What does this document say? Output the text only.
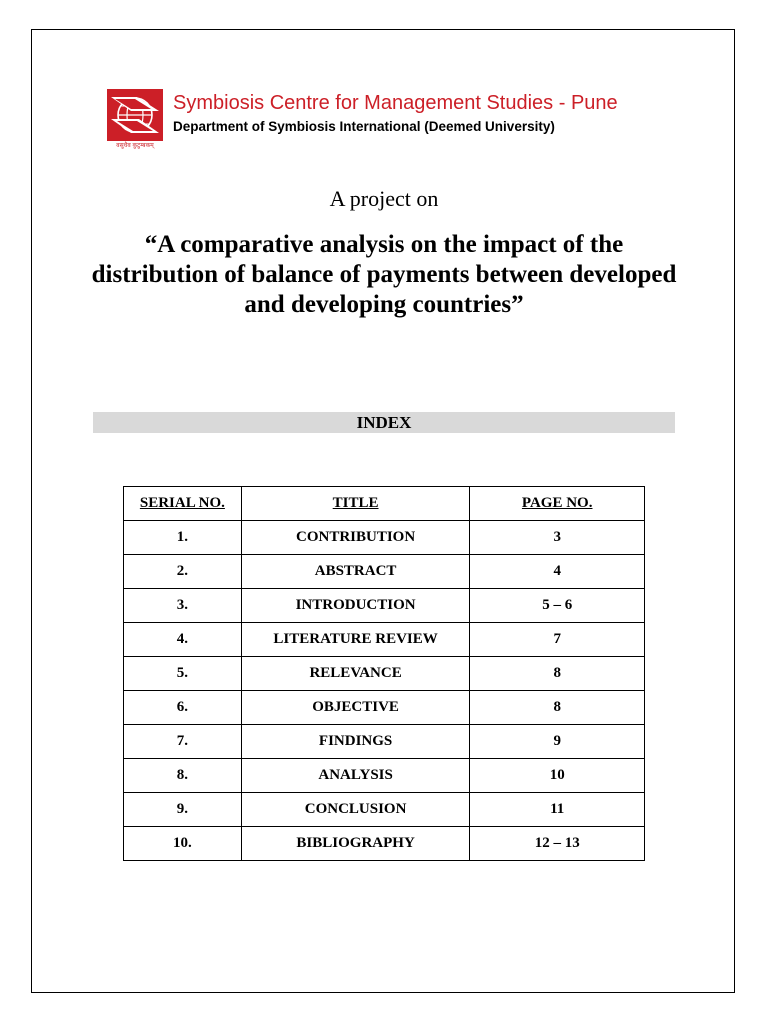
वसुधैव कुटुम्बकम्
Symbiosis Centre for Management Studies - Pune
Department of Symbiosis International (Deemed University)
A project on
“A comparative analysis on the impact of the distribution of balance of payments between developed and developing countries”
INDEX
SERIAL NO.	TITLE	PAGE NO.
1.	CONTRIBUTION	3
2.	ABSTRACT	4
3.	INTRODUCTION	5 – 6
4.	LITERATURE REVIEW	7
5.	RELEVANCE	8
6.	OBJECTIVE	8
7.	FINDINGS	9
8.	ANALYSIS	10
9.	CONCLUSION	11
10.	BIBLIOGRAPHY	12 – 13
